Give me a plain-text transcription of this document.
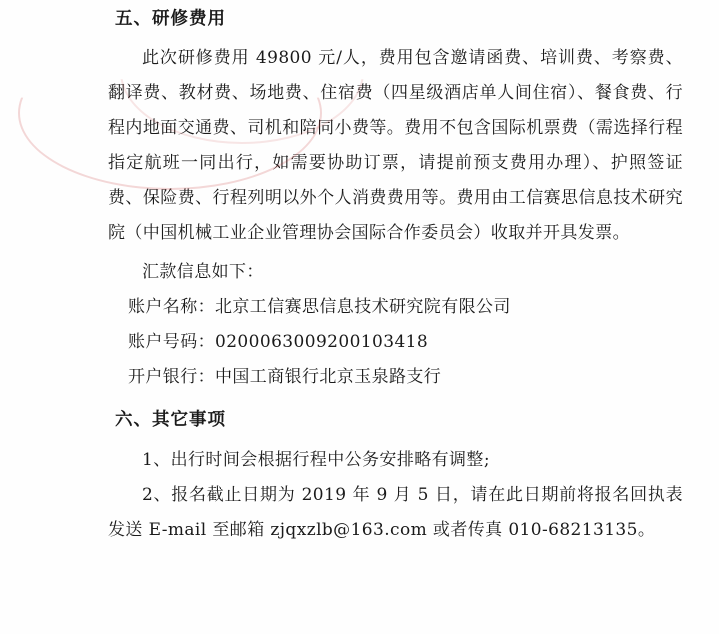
五、研修费用

此次研修费用 49800 元/人，费用包含邀请函费、培训费、考察费、翻译费、教材费、场地费、住宿费（四星级酒店单人间住宿）、餐食费、行程内地面交通费、司机和陪同小费等。费用不包含国际机票费（需选择行程指定航班一同出行，如需要协助订票，请提前预支费用办理）、护照签证费、保险费、行程列明以外个人消费费用等。费用由工信赛思信息技术研究院（中国机械工业企业管理协会国际合作委员会）收取并开具发票。

汇款信息如下：

账户名称：北京工信赛思信息技术研究院有限公司

账户号码：0200063009200103418

开户银行：中国工商银行北京玉泉路支行

六、其它事项

1、出行时间会根据行程中公务安排略有调整;

2、报名截止日期为 2019 年 9 月 5 日，请在此日期前将报名回执表发送 E-mail 至邮箱 zjqxzlb@163.com 或者传真 010-68213135。
